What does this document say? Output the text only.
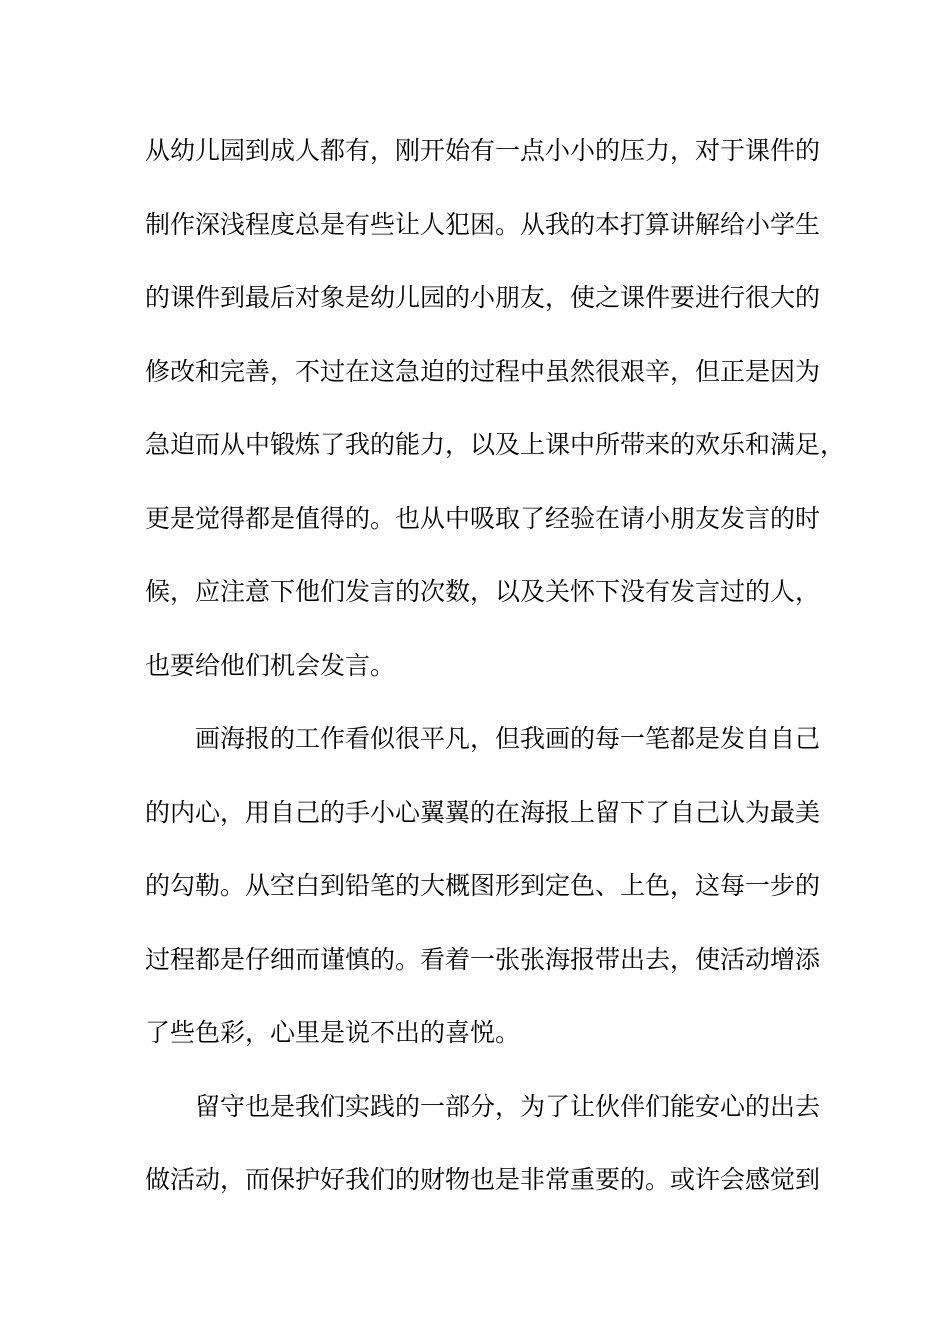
从幼儿园到成人都有，刚开始有一点小小的压力，对于课件的
制作深浅程度总是有些让人犯困。从我的本打算讲解给小学生
的课件到最后对象是幼儿园的小朋友，使之课件要进行很大的
修改和完善，不过在这急迫的过程中虽然很艰辛，但正是因为
急迫而从中锻炼了我的能力，以及上课中所带来的欢乐和满足，
更是觉得都是值得的。也从中吸取了经验在请小朋友发言的时
候，应注意下他们发言的次数，以及关怀下没有发言过的人，
也要给他们机会发言。
画海报的工作看似很平凡，但我画的每一笔都是发自自己
的内心，用自己的手小心翼翼的在海报上留下了自己认为最美
的勾勒。从空白到铅笔的大概图形到定色、上色，这每一步的
过程都是仔细而谨慎的。看着一张张海报带出去，使活动增添
了些色彩，心里是说不出的喜悦。
留守也是我们实践的一部分，为了让伙伴们能安心的出去
做活动，而保护好我们的财物也是非常重要的。或许会感觉到
